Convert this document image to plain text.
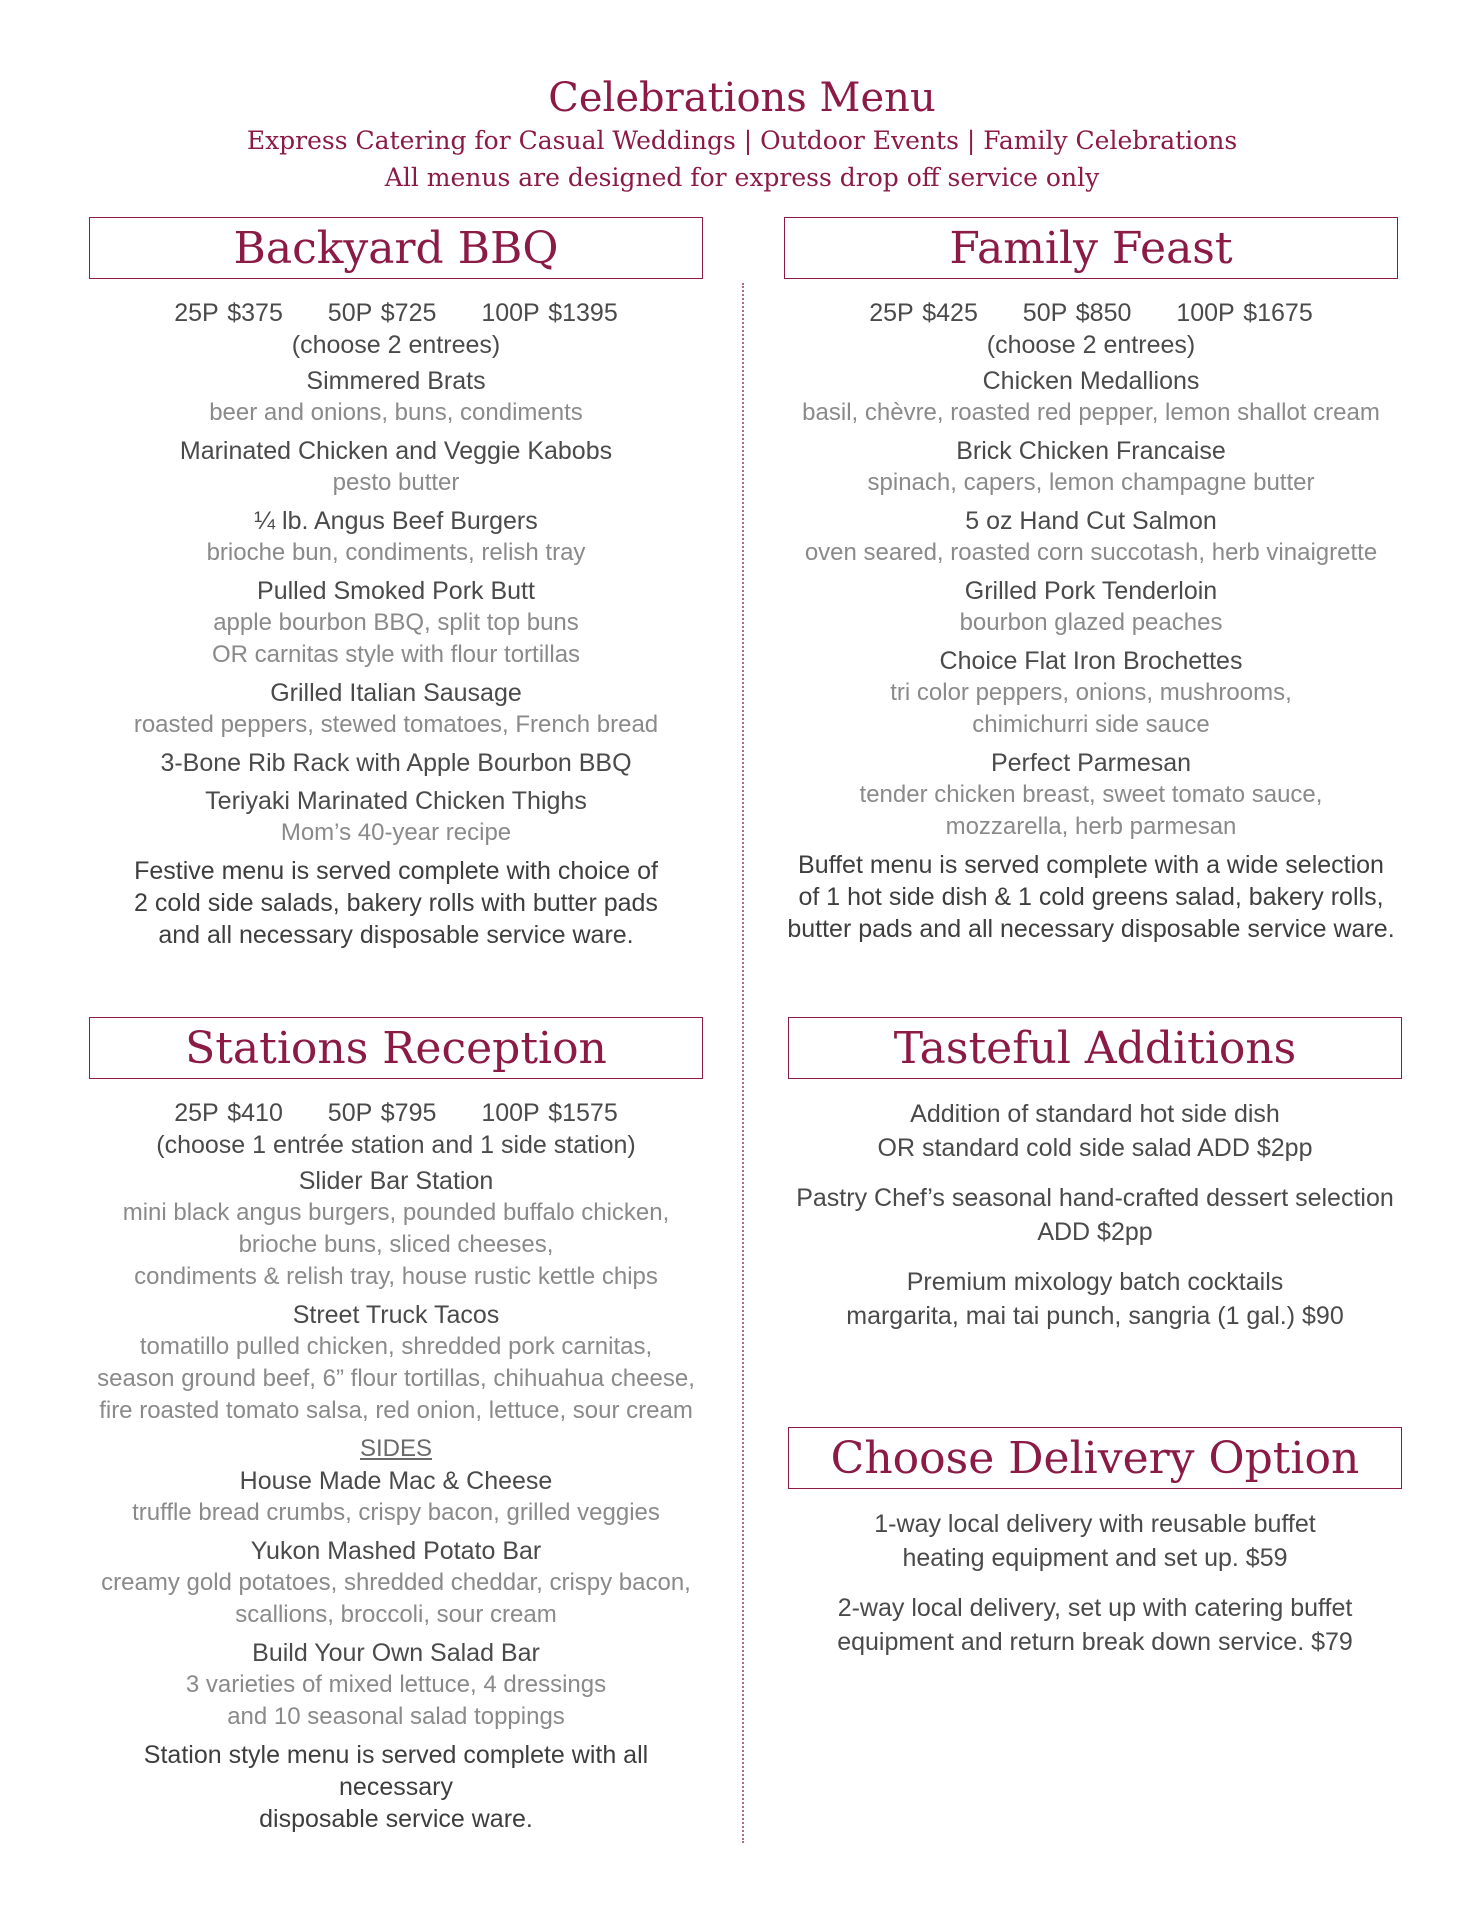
Celebrations Menu
Express Catering for Casual Weddings | Outdoor Events | Family Celebrations
All menus are designed for express drop off service only
Backyard BBQ
25P $375 50P $725 100P $1395
(choose 2 entrees)
Simmered Brats
beer and onions, buns, condiments
Marinated Chicken and Veggie Kabobs
pesto butter
¼ lb. Angus Beef Burgers
brioche bun, condiments, relish tray
Pulled Smoked Pork Butt
apple bourbon BBQ, split top buns
OR carnitas style with flour tortillas
Grilled Italian Sausage
roasted peppers, stewed tomatoes, French bread
3-Bone Rib Rack with Apple Bourbon BBQ
Teriyaki Marinated Chicken Thighs
Mom’s 40-year recipe
Festive menu is served complete with choice of
2 cold side salads, bakery rolls with butter pads
and all necessary disposable service ware.
Family Feast
25P $425 50P $850 100P $1675
(choose 2 entrees)
Chicken Medallions
basil, chèvre, roasted red pepper, lemon shallot cream
Brick Chicken Francaise
spinach, capers, lemon champagne butter
5 oz Hand Cut Salmon
oven seared, roasted corn succotash, herb vinaigrette
Grilled Pork Tenderloin
bourbon glazed peaches
Choice Flat Iron Brochettes
tri color peppers, onions, mushrooms,
chimichurri side sauce
Perfect Parmesan
tender chicken breast, sweet tomato sauce,
mozzarella, herb parmesan
Buffet menu is served complete with a wide selection
of 1 hot side dish & 1 cold greens salad, bakery rolls,
butter pads and all necessary disposable service ware.
Stations Reception
25P $410 50P $795 100P $1575
(choose 1 entrée station and 1 side station)
Slider Bar Station
mini black angus burgers, pounded buffalo chicken,
brioche buns, sliced cheeses,
condiments & relish tray, house rustic kettle chips
Street Truck Tacos
tomatillo pulled chicken, shredded pork carnitas,
season ground beef, 6” flour tortillas, chihuahua cheese,
fire roasted tomato salsa, red onion, lettuce, sour cream
SIDES
House Made Mac & Cheese
truffle bread crumbs, crispy bacon, grilled veggies
Yukon Mashed Potato Bar
creamy gold potatoes, shredded cheddar, crispy bacon,
scallions, broccoli, sour cream
Build Your Own Salad Bar
3 varieties of mixed lettuce, 4 dressings
and 10 seasonal salad toppings
Station style menu is served complete with all necessary
disposable service ware.
Tasteful Additions
Addition of standard hot side dish
OR standard cold side salad ADD $2pp
Pastry Chef’s seasonal hand-crafted dessert selection
ADD $2pp
Premium mixology batch cocktails
margarita, mai tai punch, sangria (1 gal.) $90
Choose Delivery Option
1-way local delivery with reusable buffet
heating equipment and set up. $59
2-way local delivery, set up with catering buffet
equipment and return break down service. $79
